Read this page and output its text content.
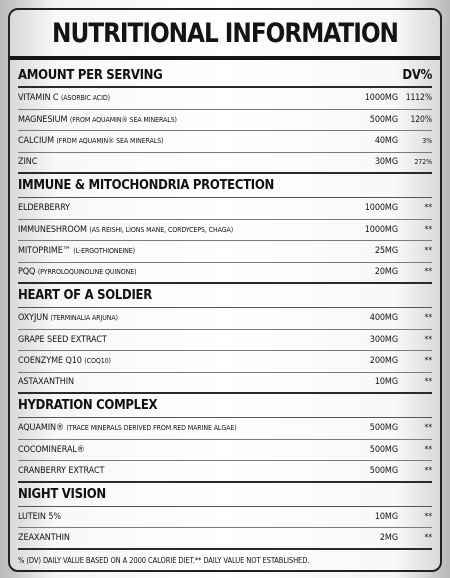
NUTRITIONAL INFORMATION
AMOUNT PER SERVING	DV%
VITAMIN C (ASORBIC ACID)	1000MG 1112%
MAGNESIUM (FROM AQUAMIN® SEA MINERALS)	500MG	120%
CALCIUM (FROM AQUAMIN® SEA MINERALS)	40MG	3%
ZINC	30MG	272%
IMMUNE & MITOCHONDRIA PROTECTION
ELDERBERRY	1000MG	**
IMMUNESHROOM (AS REISHI, LIONS MANE, CORDYCEPS, CHAGA)	1000MG	**
MITOPRIME™ (L-ERGOTHIONEINE)	25MG	**
PQQ (PYRROLOQUINOLINE QUINONE)	20MG	**
HEART OF A SOLDIER
OXYJUN (TERMINALIA ARJUNA)	400MG	**
GRAPE SEED EXTRACT	300MG	**
COENZYME Q10 (COQ10)	200MG	**
ASTAXANTHIN	10MG	**
HYDRATION COMPLEX
AQUAMIN® (TRACE MINERALS DERIVED FROM RED MARINE ALGAE)	500MG	**
COCOMINERAL®	500MG	**
CRANBERRY EXTRACT	500MG	**
NIGHT VISION
LUTEIN 5%	10MG	**
ZEAXANTHIN	2MG	**
% (DV) DAILY VALUE BASED ON A 2000 CALORIE DIET.** DAILY VALUE NOT ESTABLISHED.
